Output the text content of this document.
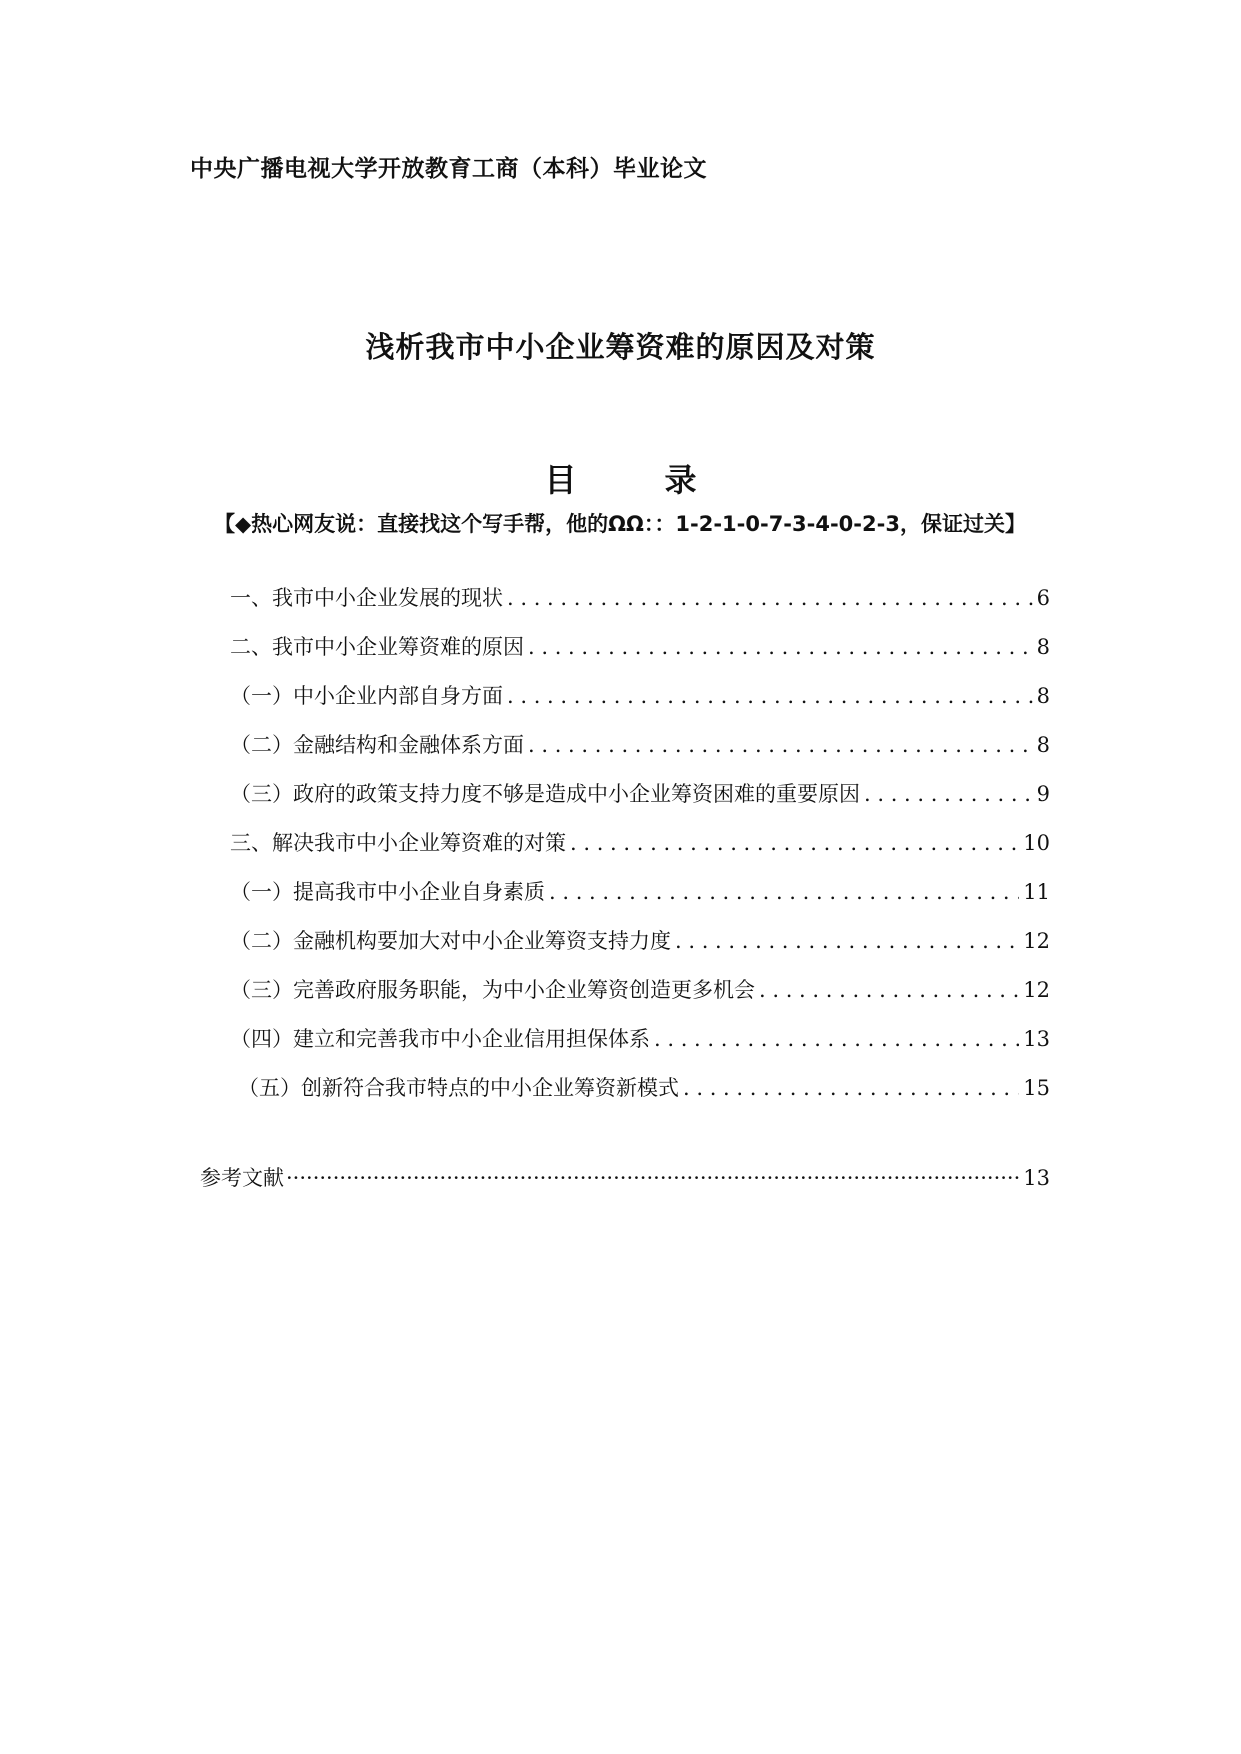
中央广播电视大学开放教育工商（本科）毕业论文
浅析我市中小企业筹资难的原因及对策
目　录
【◆热心网友说：直接找这个写手帮，他的ΩΩ：：1-2-1-0-7-3-4-0-2-3，保证过关】
一、我市中小企业发展的现状 . . .	6
二、我市中小企业筹资难的原因 . . .	8
（一）中小企业内部自身方面 . . .	8
（二）金融结构和金融体系方面 . . .	8
（三）政府的政策支持力度不够是造成中小企业筹资困难的重要原因 . . .	9
三、解决我市中小企业筹资难的对策 . . .	10
（一）提高我市中小企业自身素质 . . .	11
（二）金融机构要加大对中小企业筹资支持力度 . . .	12
（三）完善政府服务职能，为中小企业筹资创造更多机会 . . .	12
（四）建立和完善我市中小企业信用担保体系 . . .	13
（五）创新符合我市特点的中小企业筹资新模式 . . .	15
参考文献 ·····	13
